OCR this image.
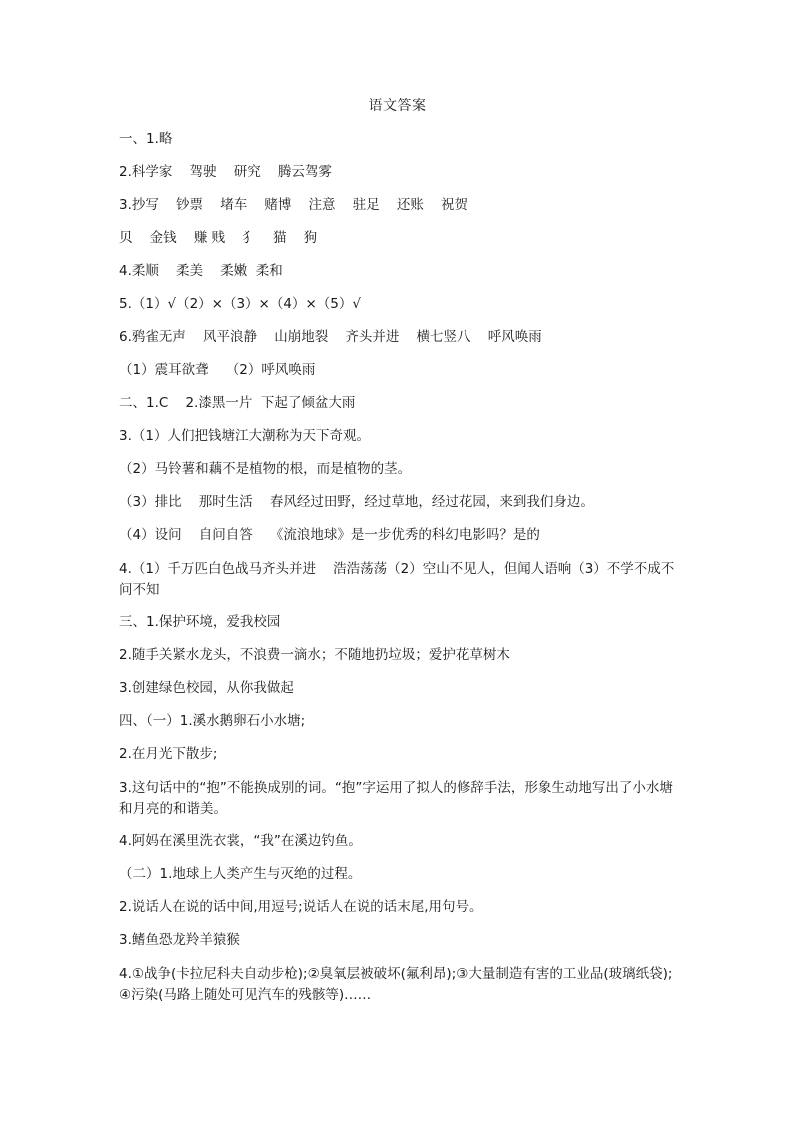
语文答案
一、1.略
2.科学家    驾驶    研究    腾云驾雾
3.抄写    钞票    堵车    赌博    注意    驻足    还账    祝贺
贝    金钱    赚 贱    犭    猫    狗
4.柔顺    柔美    柔嫩  柔和
5.（1）√（2）×（3）×（4）×（5）√
6.鸦雀无声    风平浪静    山崩地裂    齐头并进    横七竖八    呼风唤雨
（1）震耳欲聋    （2）呼风唤雨
二、1.C    2.漆黑一片  下起了倾盆大雨
3.（1）人们把钱塘江大潮称为天下奇观。
（2）马铃薯和藕不是植物的根，而是植物的茎。
（3）排比    那时生活    春风经过田野，经过草地，经过花园，来到我们身边。
（4）设问    自问自答    《流浪地球》是一步优秀的科幻电影吗？是的
4.（1）千万匹白色战马齐头并进    浩浩荡荡（2）空山不见人，但闻人语响（3）不学不成不问不知
三、1.保护环境，爱我校园
2.随手关紧水龙头，不浪费一滴水；不随地扔垃圾；爱护花草树木
3.创建绿色校园，从你我做起
四、（一）1.溪水鹅卵石小水塘;
2.在月光下散步;
3.这句话中的“抱”不能换成别的词。“抱”字运用了拟人的修辞手法，形象生动地写出了小水塘和月亮的和谐美。
4.阿妈在溪里洗衣裳，“我”在溪边钓鱼。
（二）1.地球上人类产生与灭绝的过程。
2.说话人在说的话中间,用逗号;说话人在说的话末尾,用句号。
3.鳍鱼恐龙羚羊猿猴
4.①战争(卡拉尼科夫自动步枪);②臭氧层被破坏(氟利昂);③大量制造有害的工业品(玻璃纸袋);④污染(马路上随处可见汽车的残骸等)……
